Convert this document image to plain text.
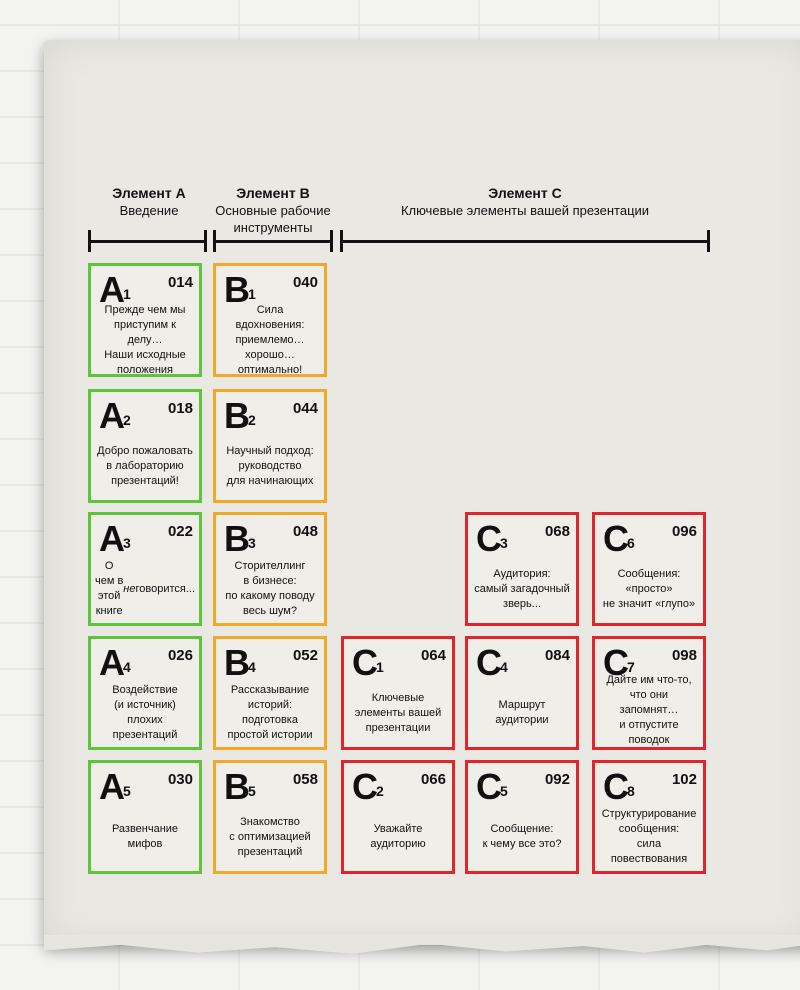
Элемент A
Введение
Элемент B
Основные рабочие
инструменты
Элемент C
Ключевые элементы вашей презентации
A 1
014
Прежде чем мы
приступим к делу…
Наши исходные
положения
A 2
018
Добро пожаловать
в лабораторию
презентаций!
A 3
022
О чем в этой
книге

не говорится...
A 4
026
Воздействие
(и источник) плохих
презентаций
A 5
030
Развенчание
мифов
B 1
040
Сила
вдохновения:
приемлемо…
хорошо…
оптимально!
B 2
044
Научный подход:
руководство
для начинающих
B 3
048
Сторителлинг
в бизнесе:
по какому поводу
весь шум?
B 4
052
Рассказывание
историй:
подготовка
простой истории
B 5
058
Знакомство
с оптимизацией
презентаций
C 1
064
Ключевые
элементы вашей
презентации
C 2
066
Уважайте
аудиторию
C 3
068
Аудитория:
самый загадочный
зверь...
C 4
084
Маршрут
аудитории
C 5
092
Сообщение:
к чему все это?
C 6
096
Сообщения:
«просто»
не значит «глупо»
C 7
098
Дайте им что-то,
что они
запомнят…
и отпустите
поводок
C 8
102
Структурирование
сообщения:
сила
повествования
